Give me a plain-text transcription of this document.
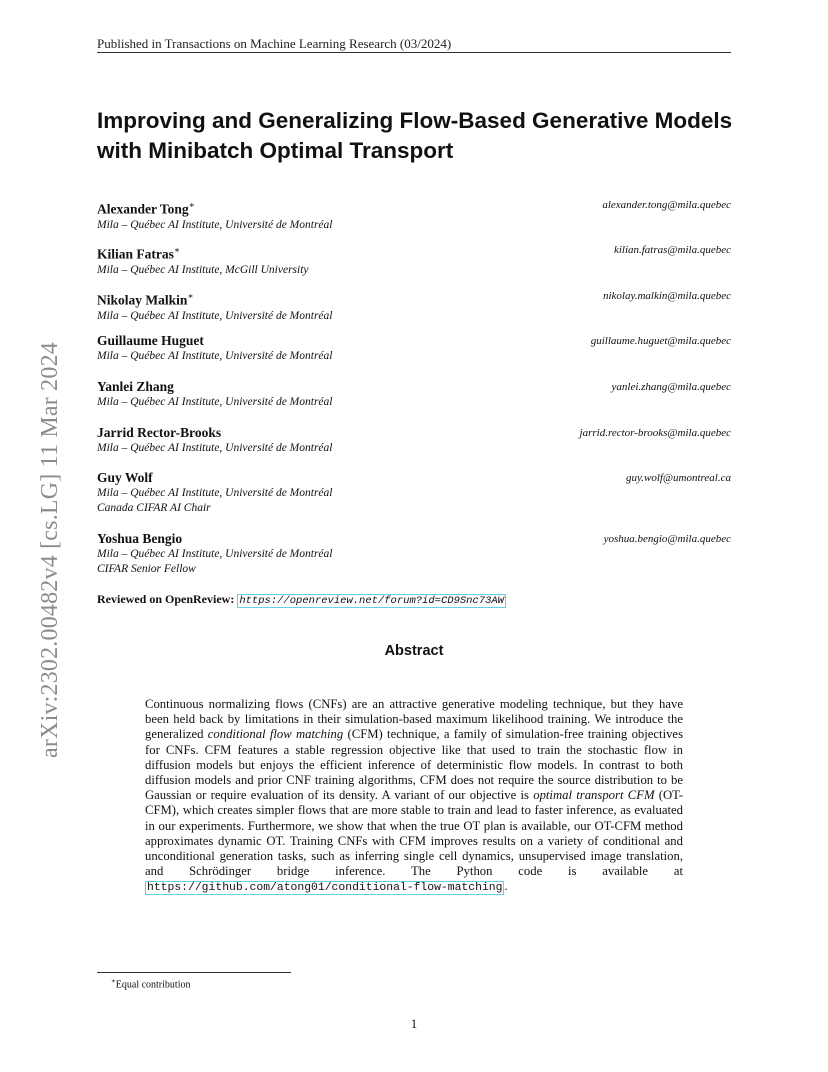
Published in Transactions on Machine Learning Research (03/2024)
arXiv:2302.00482v4 [cs.LG] 11 Mar 2024
Improving and Generalizing Flow-Based Generative Models
with Minibatch Optimal Transport
Alexander Tong∗
Mila – Québec AI Institute, Université de Montréal
alexander.tong@mila.quebec
Kilian Fatras∗
Mila – Québec AI Institute, McGill University
kilian.fatras@mila.quebec
Nikolay Malkin∗
Mila – Québec AI Institute, Université de Montréal
nikolay.malkin@mila.quebec
Guillaume Huguet
Mila – Québec AI Institute, Université de Montréal
guillaume.huguet@mila.quebec
Yanlei Zhang
Mila – Québec AI Institute, Université de Montréal
yanlei.zhang@mila.quebec
Jarrid Rector-Brooks
Mila – Québec AI Institute, Université de Montréal
jarrid.rector-brooks@mila.quebec
Guy Wolf
Mila – Québec AI Institute, Université de Montréal
Canada CIFAR AI Chair
guy.wolf@umontreal.ca
Yoshua Bengio
Mila – Québec AI Institute, Université de Montréal
CIFAR Senior Fellow
yoshua.bengio@mila.quebec
Reviewed on OpenReview: https://openreview.net/forum?id=CD9Snc73AW
Abstract
Continuous normalizing flows (CNFs) are an attractive generative modeling technique, but they have been held back by limitations in their simulation-based maximum likelihood training. We introduce the generalized conditional flow matching (CFM) technique, a family of simulation-free training objectives for CNFs. CFM features a stable regression objective like that used to train the stochastic flow in diffusion models but enjoys the efficient inference of deterministic flow models. In contrast to both diffusion models and prior CNF training algorithms, CFM does not require the source distribution to be Gaussian or require evaluation of its density. A variant of our objective is optimal transport CFM (OT-CFM), which creates simpler flows that are more stable to train and lead to faster inference, as evaluated in our experiments. Furthermore, we show that when the true OT plan is available, our OT-CFM method approximates dynamic OT. Training CNFs with CFM improves results on a variety of conditional and unconditional generation tasks, such as inferring single cell dynamics, unsupervised image translation, and Schrödinger bridge inference. The Python code is available at https://github.com/atong01/conditional-flow-matching .
∗Equal contribution
1
